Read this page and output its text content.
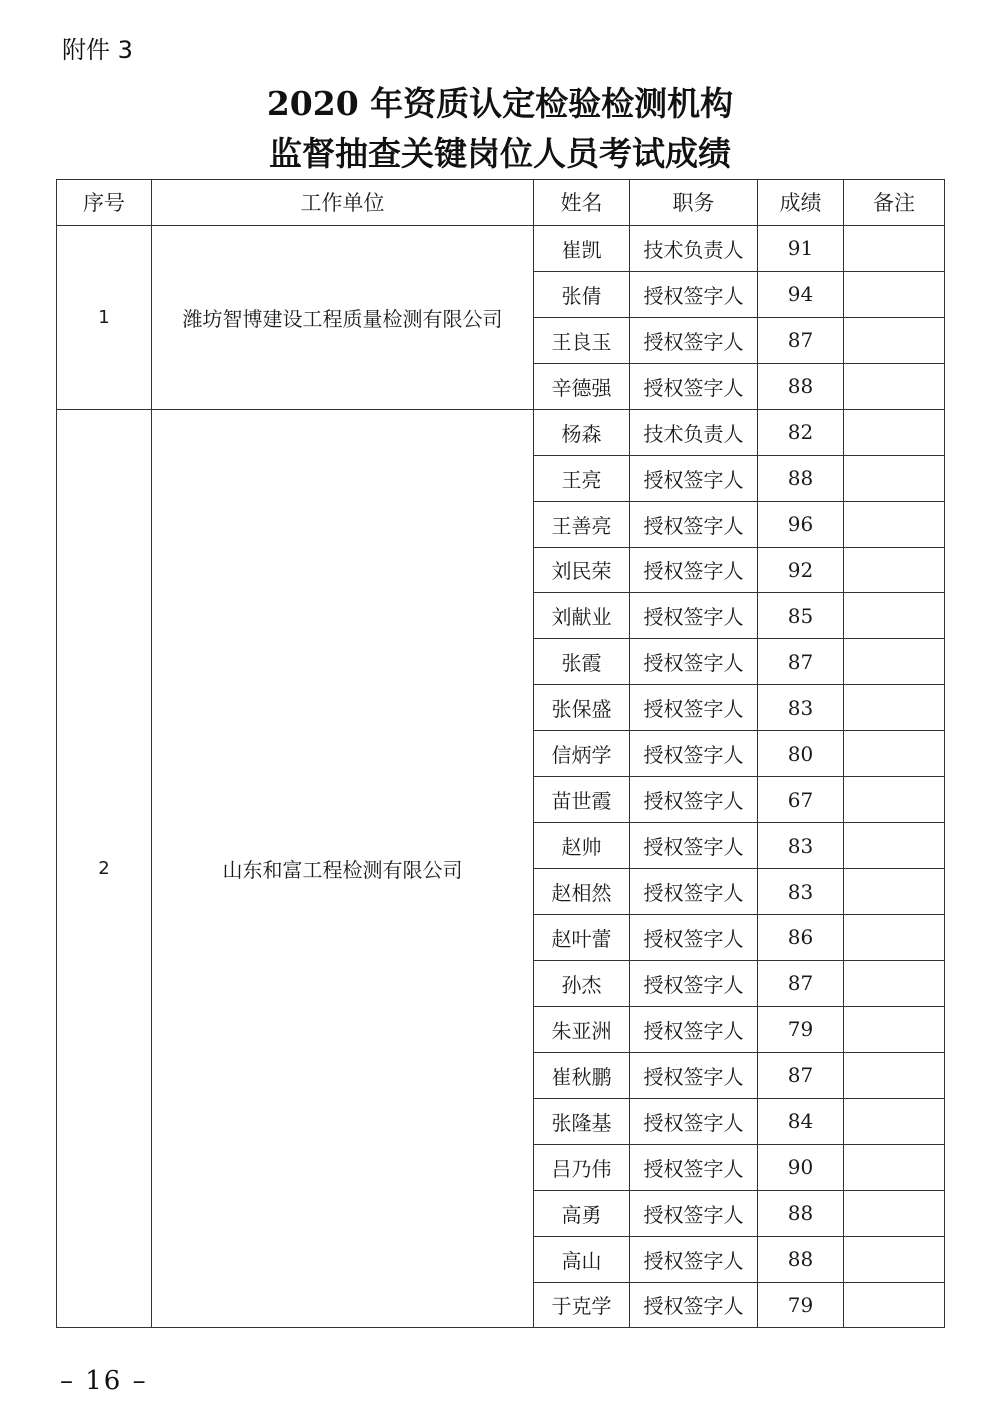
附件 3
2020 年资质认定检验检测机构
监督抽查关键岗位人员考试成绩
序号	工作单位	姓名	职务	成绩	备注
1	潍坊智博建设工程质量检测有限公司	崔凯	技术负责人	91	
		张倩	授权签字人	94	
		王良玉	授权签字人	87	
		辛德强	授权签字人	88	
2	山东和富工程检测有限公司	杨森	技术负责人	82	
		王亮	授权签字人	88	
		王善亮	授权签字人	96	
		刘民荣	授权签字人	92	
		刘献业	授权签字人	85	
		张霞	授权签字人	87	
		张保盛	授权签字人	83	
		信炳学	授权签字人	80	
		苗世霞	授权签字人	67	
		赵帅	授权签字人	83	
		赵相然	授权签字人	83	
		赵叶蕾	授权签字人	86	
		孙杰	授权签字人	87	
		朱亚洲	授权签字人	79	
		崔秋鹏	授权签字人	87	
		张隆基	授权签字人	84	
		吕乃伟	授权签字人	90	
		高勇	授权签字人	88	
		高山	授权签字人	88	
		于克学	授权签字人	79	
– 16 –
